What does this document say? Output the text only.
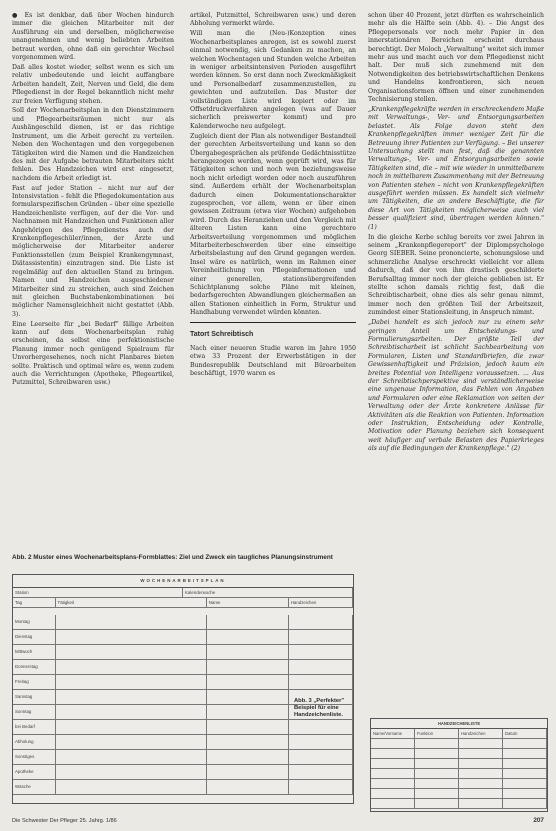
● Es ist denkbar, daß über Wochen hindurch immer die gleichen Mitarbeiter mit der Ausführung ein und derselben, möglicherweise unangenehmen und wenig beliebten Arbeiten betraut werden, ohne daß ein gerechter Wechsel vorgenommen wird.

Daß alles kostet wieder, selbst wenn es sich um relativ unbedeutende und leicht auffangbare Arbeiten handelt, Zeit, Nerven und Geld, die dem Pflegedienst in der Regel bekanntlich nicht mehr zur freien Verfügung stehen.

Soll der Wochenarbeitsplan in den Dienstzimmern und Pflegearbeitsräumen nicht nur als Aushängeschild dienen, ist er das richtige Instrument, um die Arbeit gerecht zu verteilen. Neben den Wochentagen und den vorgegebenen Tätigkeiten wird die Namen und die Handzeichen des mit der Aufgabe betrauten Mitarbeiters nicht fehlen. Des Handzeichen wird erst eingesetzt, nachdem die Arbeit erledigt ist.

Fast auf jeder Station – nicht nur auf der Intensivstation – fehlt die Pflegedokumentation aus formularspezifischen Gründen – über eine spezielle Handzeichenliste verfügen, auf der die Vor- und Nachnamen mit Handzeichen und Funktionen aller Angehörigen des Pflegedienstes auch der Krankenpflegeschüler/innen, der Ärzte und möglicherweise der Mitarbeiter anderer Funktionsstellen (zum Beispiel Krankengymnast, Diätassistentin) einzutragen sind. Die Liste ist regelmäßig auf den aktuellen Stand zu bringen. Namen und Handzeichen ausgeschiedener Mitarbeiter sind zu streichen, auch sind Zeichen mit gleichen Buchstabenkombinationen bei möglicher Namensgleichheit nicht gestattet (Abb. 3).

Eine Leerseite für „bei Bedarf" fällige Arbeiten kann auf dem Wochenarbeitsplan ruhig erscheinen, da selbst eine perfektionistische Planung immer noch genügend Spielraum für Unvorhergesehenes, noch nicht Planbares bieten sollte. Praktisch und optimal wäre es, wenn zudem auch die Verrichtungen (Apotheke, Pflegeartikel, Putzmittel, Schreibwaren usw.)

artikel, Putzmittel, Schreibwaren usw.) und deren Abholung vermerkt würde.

Will man die (Neu-)Konzeption eines Wochenarbeitsplanes anregen, ist es sowohl zuerst einmal notwendig, sich Gedanken zu machen, an welchen Wochentagen und Stunden welche Arbeiten in weniger arbeitsintensiven Perioden ausgeführt werden können. So erst dann noch Zweckmäßigkeit und Personalbedarf zusammenzustellen, zu gewichten und aufzuteilen. Das Muster der vollständigen Liste wird kopiert oder im Offsetdruckverfahren angelegen (was auf Dauer sicherlich preiswerter kommt) und pro Kalenderwoche neu aufgelegt.

Zugleich dient der Plan als notwendiger Bestandteil der gerechten Arbeitsverteilung und kann so den Übergabegesprächen als prüfende Gedächtnisstütze herangezogen werden, wenn geprüft wird, was für Tätigkeiten schon und noch wen beziehungsweise noch nicht erledigt worden oder noch auszuführen sind. Außerdem erhält der Wochenarbeitsplan dadurch einen Dokumentationscharakter zugesprochen, vor allem, wenn er über einen gewissen Zeitraum (etwa vier Wochen) aufgehoben wird. Durch das Heranziehen und den Vergleich mit älteren Listen kann eine gerechtere Arbeitsverteilung vorgenommen und möglichen Mitarbeiterbeschwerden über eine einseitige Arbeitsbelastung auf den Grund gegangen werden. Insel wäre es natürlich, wenn im Rahmen einer Vereinheitlichung von Pflegeinformationen und einer generellen, stationsübergreifenden Schichtplanung solche Pläne mit kleinen, bedarfsgerechten Abwandlungen gleichermaßen an allen Stationen einheitlich in Form, Struktur und Handhabung verwendet würden könnten.

Tatort Schreibtisch

Nach einer neueren Studie waren im Jahre 1950 etwa 33 Prozent der Erwerbstätigen in der Bundesrepublik Deutschland mit Büroarbeiten beschäftigt, 1970 waren es

schon über 40 Prozent, jetzt dürften es wahrscheinlich mehr als die Hälfte sein (Abb. 4). – Die Angst des Pflegepersonals vor noch mehr Papier in den innerstationären Bereichen erscheint durchaus berechtigt. Der Moloch „Verwaltung" weitet sich immer mehr aus und macht auch vor dem Pflegedienst nicht halt. Der muß sich zunehmend mit den Notwendigkeiten des betriebswirtschaftlichen Denkens und Handelns konfrontieren, sich neuen Organisationsformen öffnen und einer zunehmenden Technisierung stellen.

„Krankenpflegekräfte werden in erschreckendem Maße mit Verwaltungs-, Ver- und Entsorgungsarbeiten belastet. Als Folge davon steht den Krankenpflegekräften immer weniger Zeit für die Betreuung ihrer Patienten zur Verfügung. – Bei unserer Untersuchung stellt man fest, daß die genannten Verwaltungs-, Ver- und Entsorgungsarbeiten sowie Tätigkeiten sind, die – mit wie wieder in unmittelbarem noch in mittelbarem Zusammenhang mit der Betreuung von Patienten stehen – nicht von Krankenpflegekräften ausgeführt werden müssen. Es handelt sich vielmehr um Tätigkeiten, die an andere Beschäftigte, die für diese Art von Tätigkeiten möglicherweise auch viel besser qualifiziert sind, übertragen werden können." (1)

In die gleiche Kerbe schlug bereits vor zwei Jahren in seinem „Krankenpflegereport" der Diplompsychologe Georg SIEBER. Seine prononcierte, schonungslose und schmerzliche Analyse erschreckt vielleicht vor allem dadurch, daß der von ihm drastisch geschilderte Berufsalltag immer noch der gleiche geblieben ist. Er stellte schon damals richtig fest, daß die Schreibtischarbeit, ohne dies als sehr genau nimmt, immer noch den größten Teil der Arbeitszeit, zumindest einer Stationsleitung, in Anspruch nimmt.

„Dabei handelt es sich jedoch nur zu einem sehr geringen Anteil um Entscheidungs- und Formulierungsarbeiten. Der größte Teil der Schreibtischarbeit ist schlicht Sachbearbeitung von Formularen, Listen und Standardbriefen, die zwar Gewissenhaftigkeit und Präzision, jedoch kaum ein breites Potential von Intelligenz voraussetzen. ... Aus der Schreibtischperspektive sind verständlicherweise eine ungenaue Information, das Fehlen von Angaben und Formularen oder eine Reklamation von seiten der Verwaltung oder der Ärzte konkretere Anlässe für Aktivitäten als die Reaktion von Patienten. Information oder Instruktion, Entscheidung oder Kontrolle, Motivation oder Planung beziehen sich konsequent weit häufiger auf verbale Belasten des Papierkrieges als auf die Bedingungen der Krankenpflege." (2)

Abb. 2 Muster eines Wochenarbeitsplans-Formblattes: Ziel und Zweck ein taugliches Planungsinstrument
WOCHENARBEITSPLAN
Station	Kalenderwoche
Tag	Tätigkeit	Name	Handzeichen
Montag
Dienstag
Mittwoch
Donnerstag
Freitag
Samstag
Sonntag
bei Bedarf
Abholung
Sonstiges
Apotheke
Wäsche
Abb. 3 „Perfekter" Beispiel für eine Handzeichenliste.
HANDZEICHENLISTE
Name/Vorname	Funktion	Handzeichen	Datum
Die Schwester Der Pfleger 25. Jahrg. 1/86	207
